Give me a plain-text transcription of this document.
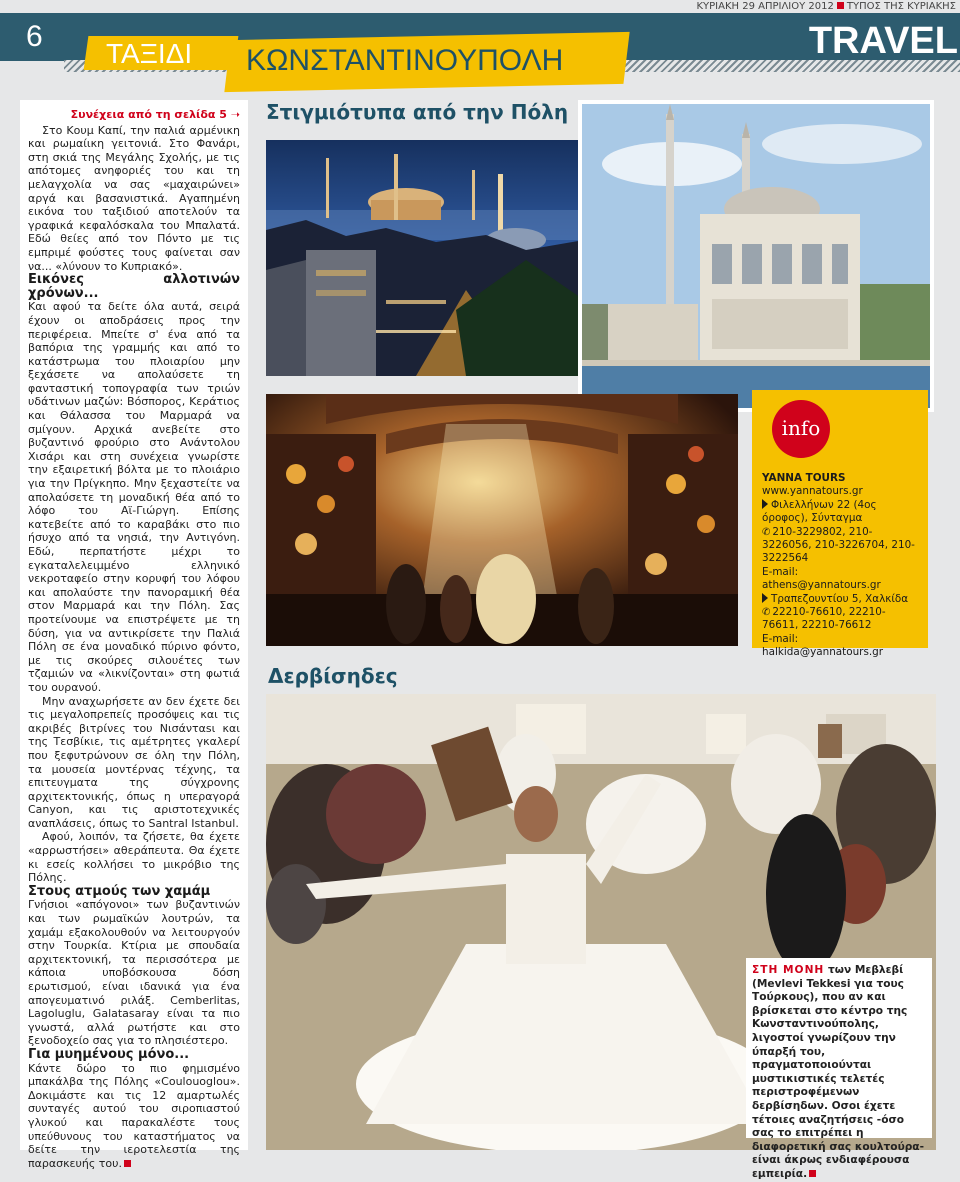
ΚΥΡΙΑΚΗ 29 ΑΠΡΙΛΙΟΥ 2012 ΤΥΠΟΣ ΤΗΣ ΚΥΡΙΑΚΗΣ
6	TRAVEL
ΤΑΞΙΔΙ ΚΩΝΣΤΑΝΤΙΝΟΥΠΟΛΗ

Συνέχεια από τη σελίδα 5 ➝

Στο Κουμ Καπί, την παλιά αρμένικη και ρωμαίικη γειτονιά. Στο Φανάρι, στη σκιά της Μεγάλης Σχολής, με τις απότομες ανηφοριές του και τη μελαγχολία να σας «μαχαιρώνει» αργά και βασανιστικά. Αγαπημένη εικόνα του ταξιδιού αποτελούν τα γραφικά κεφαλόσκαλα του Μπαλατά. Εδώ θείες από τον Πόντο με τις εμπριμέ φούστες τους φαίνεται σαν να... «λύνουν το Κυπριακό».

Εικόνες αλλοτινών χρόνων...

Και αφού τα δείτε όλα αυτά, σειρά έχουν οι αποδράσεις προς την περιφέρεια. Μπείτε σ' ένα από τα βαπόρια της γραμμής και από το κατάστρωμα του πλοιαρίου μην ξεχάσετε να απολαύσετε τη φανταστική τοπογραφία των τριών υδάτινων μαζών: Βόσπορος, Κεράτιος και Θάλασσα του Μαρμαρά να σμίγουν. Αρχικά ανεβείτε στο βυζαντινό φρούριο στο Ανάντολου Χισάρι και στη συνέχεια γνωρίστε την εξαιρετική βόλτα με το πλοιάριο για την Πρίγκηπο. Μην ξεχαστείτε να απολαύσετε τη μοναδική θέα από το λόφο του Αϊ-Γιώργη. Επίσης κατεβείτε από το καραβάκι στο πιο ήσυχο από τα νησιά, την Αντιγόνη. Εδώ, περπατήστε μέχρι το εγκαταλελειμμένο ελληνικό νεκροταφείο στην κορυφή του λόφου και απολαύστε την πανοραμική θέα στον Μαρμαρά και την Πόλη. Σας προτείνουμε να επιστρέψετε με τη δύση, για να αντικρίσετε την Παλιά Πόλη σε ένα μοναδικό πύρινο φόντο, με τις σκούρες σιλουέτες των τζαμιών να «λικνίζονται» στη φωτιά του ουρανού.

Μην αναχωρήσετε αν δεν έχετε δει τις μεγαλοπρεπείς προσόψεις και τις ακριβές βιτρίνες του Νισάνταsι και της Τεσβίκιε, τις αμέτρητες γκαλερί που ξεφυτρώνουν σε όλη την Πόλη, τα μουσεία μοντέρνας τέχνης, τα επιτευγματα της σύγχρονης αρχιτεκτονικής, όπως η υπεραγορά Canyon, και τις αριστοτεχνικές αναπλάσεις, όπως το Santral Istanbul.

Αφού, λοιπόν, τα ζήσετε, θα έχετε «αρρωστήσει» αθεράπευτα. Θα έχετε κι εσείς κολλήσει το μικρόβιο της Πόλης.

Στους ατμούς των χαμάμ

Γνήσιοι «απόγονοι» των βυζαντινών και των ρωμαϊκών λουτρών, τα χαμάμ εξακολουθούν να λειτουργούν στην Τουρκία. Κτίρια με σπουδαία αρχιτεκτονική, τα περισσότερα με κάποια υποβόσκουσα δόση ερωτισμού, είναι ιδανικά για ένα απογευματινό ριλάξ. Cemberlitas, Lagoluglu, Galatasaray είναι τα πιο γνωστά, αλλά ρωτήστε και στο ξενοδοχείο σας για το πλησιέστερο.

Για μυημένους μόνο...

Κάντε δώρο το πιο φημισμένο μπακάλβα της Πόλης «Coulouoglou». Δοκιμάστε και τις 12 αμαρτωλές συνταγές αυτού του σιροπιαστού γλυκού και παρακαλέστε τους υπεύθυνους του καταστήματος να δείτε την ιεροτελεστία της παρασκευής του.

Στιγμιότυπα από την Πόλη
info
YANNA TOURS
www.yannatours.gr
Φιλελλήνων 22 (4ος όροφος), Σύνταγμα
✆ 210-3229802, 210-3226056, 210-3226704, 210-3222564
E-mail: athens@yannatours.gr
Τραπεζουντίου 5, Χαλκίδα
✆ 22210-76610, 22210-76611, 22210-76612
E-mail: halkida@yannatours.gr
Δερβίσηδες
ΣΤΗ ΜΟΝΗ των Μεβλεβί (Mevlevi Tekkesi για τους Τούρκους), που αν και βρίσκεται στο κέντρο της Κωνσταντινούπολης, λιγοστοί γνωρίζουν την ύπαρξή του, πραγματοποιούνται μυστικιστικές τελετές περιστροφέμενων δερβίσηδων. Οσοι έχετε τέτοιες αναζητήσεις -όσο σας το επιτρέπει η διαφορετική σας κουλτούρα- είναι άκρως ενδιαφέρουσα εμπειρία.
